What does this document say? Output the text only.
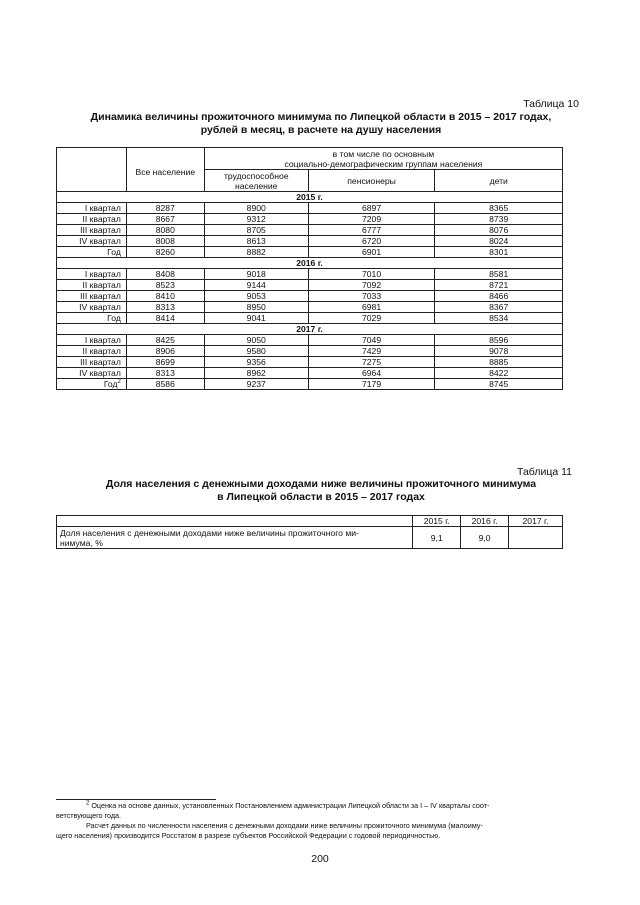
Таблица 10
Динамика величины прожиточного минимума по Липецкой области в 2015 – 2017 годах,
рублей в месяц, в расчете на душу населения
	Все население	в том числе по основным
социально-демографическим группам населения		

		трудоспособное население	пенсионеры	дети
2015 г.				
I квартал	8287	8900	6897	8365
II квартал	8667	9312	7209	8739
III квартал	8080	8705	6777	8076
IV квартал	8008	8613	6720	8024
Год	8260	8882	6901	8301
2016 г.				
I квартал	8408	9018	7010	8581
II квартал	8523	9144	7092	8721
III квартал	8410	9053	7033	8466
IV квартал	8313	8950	6981	8367
Год	8414	9041	7029	8534
2017 г.				
I квартал	8425	9050	7049	8596
II квартал	8906	9580	7429	9078
III квартал	8699	9356	7275	8885
IV квартал	8313	8962	6964	8422
Год$^2$	8586	9237	7179	8745
Таблица 11
Доля населения с денежными доходами ниже величины прожиточного минимума
в Липецкой области в 2015 – 2017 годах
	2015 г.	2016 г.	2017 г.

Доля населения с денежными доходами ниже величины прожиточного ми-
нимума, %	9,1	9,0	
$^2$ Оценка на основе данных, установленных Постановлением администрации Липецкой области за I – IV кварталы соот-
ветствующего года.
Расчет данных по численности населения с денежными доходами ниже величины прожиточного минимума (малоиму-
щего населения) производится Росстатом в разрезе субъектов Российской Федерации с годовой периодичностью.
200
